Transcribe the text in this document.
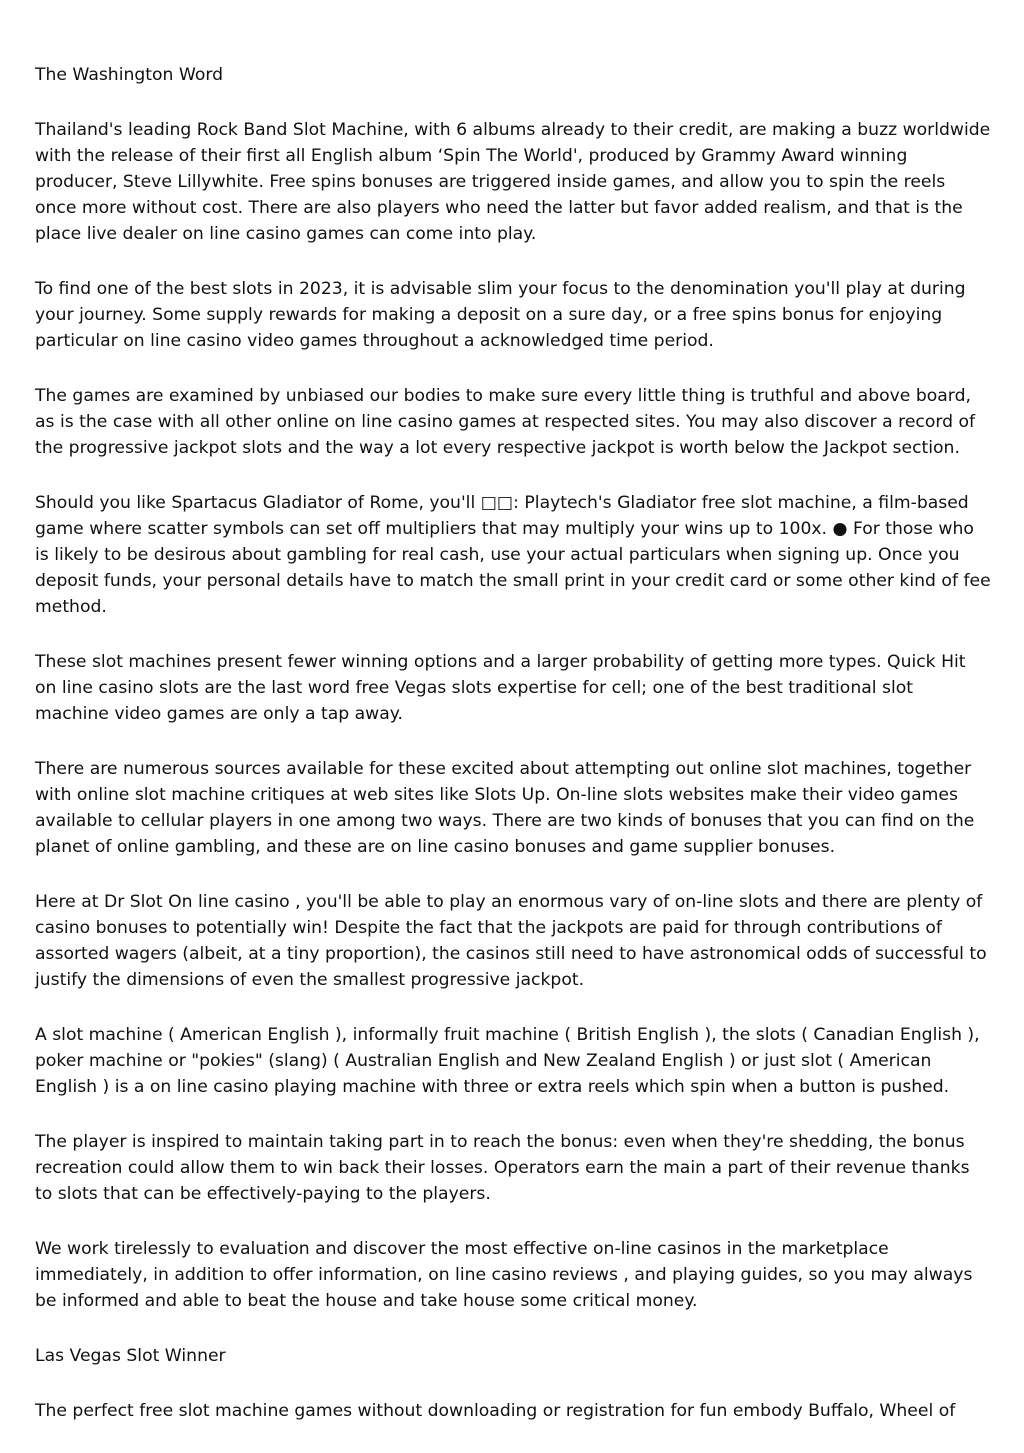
The Washington Word

Thailand's leading Rock Band Slot Machine, with 6 albums already to their credit, are making a buzz worldwide with the release of their first all English album ‘Spin The World', produced by Grammy Award winning producer, Steve Lillywhite. Free spins bonuses are triggered inside games, and allow you to spin the reels once more without cost. There are also players who need the latter but favor added realism, and that is the place live dealer on line casino games can come into play.

To find one of the best slots in 2023, it is advisable slim your focus to the denomination you'll play at during your journey. Some supply rewards for making a deposit on a sure day, or a free spins bonus for enjoying particular on line casino video games throughout a acknowledged time period.

The games are examined by unbiased our bodies to make sure every little thing is truthful and above board, as is the case with all other online on line casino games at respected sites. You may also discover a record of the progressive jackpot slots and the way a lot every respective jackpot is worth below the Jackpot section.

Should you like Spartacus Gladiator of Rome, you'll □□: Playtech's Gladiator free slot machine, a film-based game where scatter symbols can set off multipliers that may multiply your wins up to 100x. ● For those who is likely to be desirous about gambling for real cash, use your actual particulars when signing up. Once you deposit funds, your personal details have to match the small print in your credit card or some other kind of fee method.

These slot machines present fewer winning options and a larger probability of getting more types. Quick Hit on line casino slots are the last word free Vegas slots expertise for cell; one of the best traditional slot machine video games are only a tap away.

There are numerous sources available for these excited about attempting out online slot machines, together with online slot machine critiques at web sites like Slots Up. On-line slots websites make their video games available to cellular players in one among two ways. There are two kinds of bonuses that you can find on the planet of online gambling, and these are on line casino bonuses and game supplier bonuses.

Here at Dr Slot On line casino , you'll be able to play an enormous vary of on-line slots and there are plenty of casino bonuses to potentially win! Despite the fact that the jackpots are paid for through contributions of assorted wagers (albeit, at a tiny proportion), the casinos still need to have astronomical odds of successful to justify the dimensions of even the smallest progressive jackpot.

A slot machine ( American English ), informally fruit machine ( British English ), the slots ( Canadian English ), poker machine or "pokies" (slang) ( Australian English and New Zealand English ) or just slot ( American English ) is a on line casino playing machine with three or extra reels which spin when a button is pushed.

The player is inspired to maintain taking part in to reach the bonus: even when they're shedding, the bonus recreation could allow them to win back their losses. Operators earn the main a part of their revenue thanks to slots that can be effectively-paying to the players.

We work tirelessly to evaluation and discover the most effective on-line casinos in the marketplace immediately, in addition to offer information, on line casino reviews , and playing guides, so you may always be informed and able to beat the house and take house some critical money.

Las Vegas Slot Winner

The perfect free slot machine games without downloading or registration for fun embody Buffalo, Wheel of
